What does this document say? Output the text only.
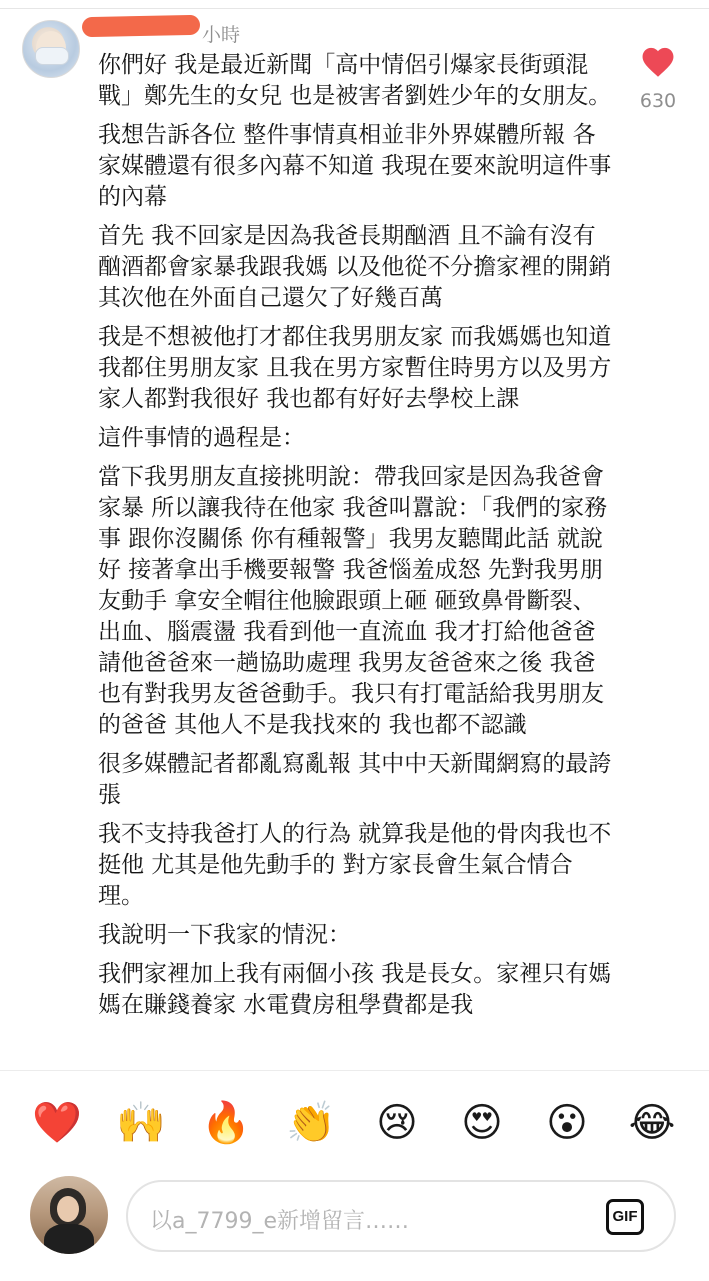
小時

你們好 我是最近新聞「高中情侶引爆家長街頭混戰」鄭先生的女兒 也是被害者劉姓少年的女朋友。

我想告訴各位 整件事情真相並非外界媒體所報 各家媒體還有很多內幕不知道 我現在要來說明這件事的內幕

首先 我不回家是因為我爸長期酗酒 且不論有沒有酗酒都會家暴我跟我媽 以及他從不分擔家裡的開銷 其次他在外面自己還欠了好幾百萬

我是不想被他打才都住我男朋友家 而我媽媽也知道我都住男朋友家 且我在男方家暫住時男方以及男方家人都對我很好 我也都有好好去學校上課

這件事情的過程是：

當下我男朋友直接挑明說：帶我回家是因為我爸會家暴 所以讓我待在他家 我爸叫囂說：「我們的家務事 跟你沒關係 你有種報警」我男友聽聞此話 就說好 接著拿出手機要報警 我爸惱羞成怒 先對我男朋友動手 拿安全帽往他臉跟頭上砸 砸致鼻骨斷裂、出血、腦震盪 我看到他一直流血 我才打給他爸爸 請他爸爸來一趟協助處理 我男友爸爸來之後 我爸也有對我男友爸爸動手。我只有打電話給我男朋友的爸爸 其他人不是我找來的 我也都不認識

很多媒體記者都亂寫亂報 其中中天新聞網寫的最誇張

我不支持我爸打人的行為 就算我是他的骨肉我也不挺他 尤其是他先動手的 對方家長會生氣合情合理。

我說明一下我家的情況：

我們家裡加上我有兩個小孩 我是長女。家裡只有媽媽在賺錢養家 水電費房租學費都是我

630
❤️ 🙌 🔥 👏 😢 😍 😮 😂
以a_7799_e新增留言……	GIF
